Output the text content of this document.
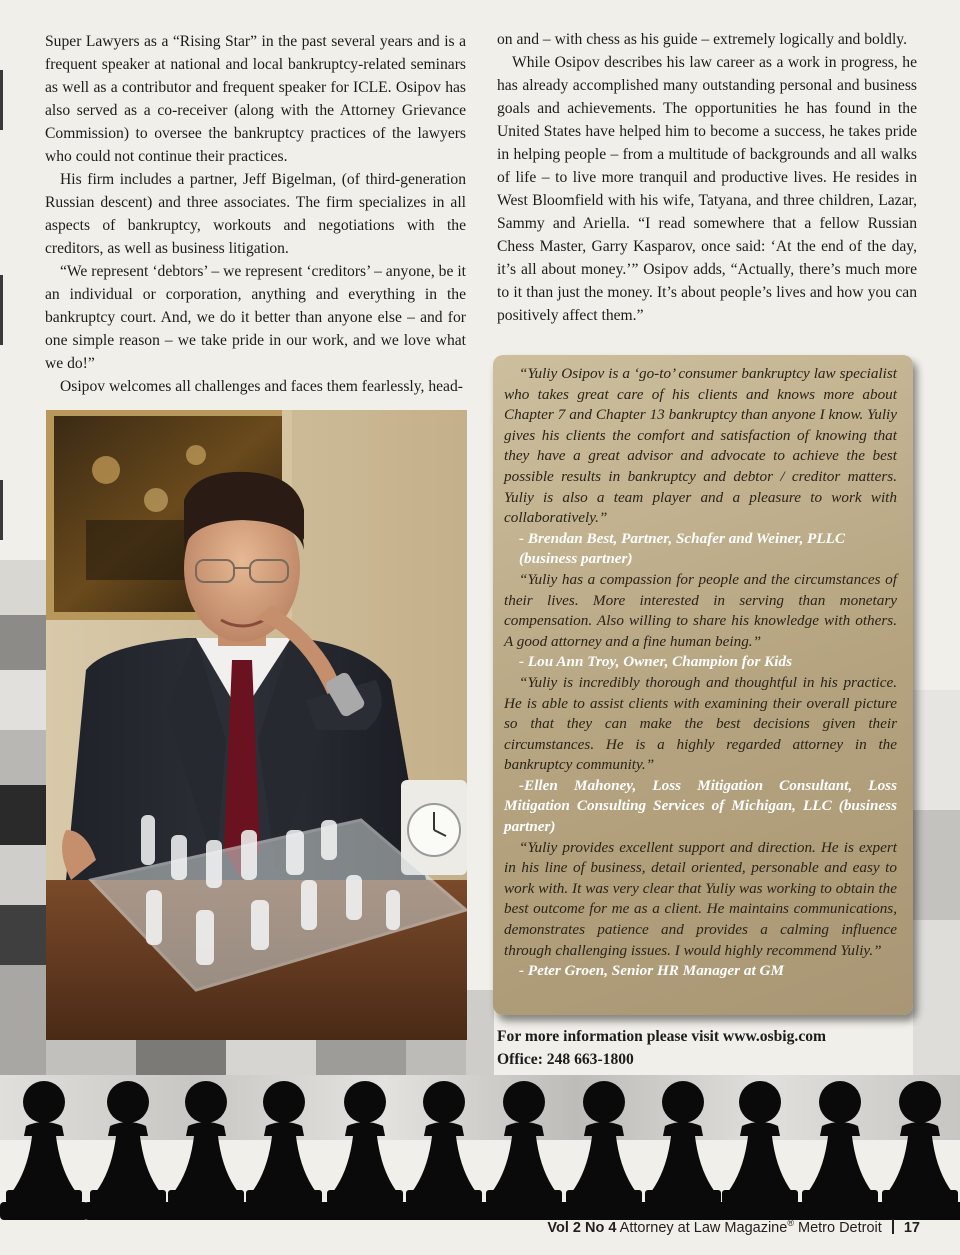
Super Lawyers as a “Rising Star” in the past several years and is a frequent speaker at national and local bankruptcy-related seminars as well as a contributor and frequent speaker for ICLE. Osipov has also served as a co-receiver (along with the Attorney Grievance Commission) to oversee the bankruptcy practices of the lawyers who could not continue their practices.

His firm includes a partner, Jeff Bigelman, (of third-generation Russian descent) and three associates. The firm specializes in all aspects of bankruptcy, workouts and negotiations with the creditors, as well as business litigation.

“We represent ‘debtors’ – we represent ‘creditors’ – anyone, be it an individual or corporation, anything and everything in the bankruptcy court. And, we do it better than anyone else – and for one simple reason – we take pride in our work, and we love what we do!”

Osipov welcomes all challenges and faces them fearlessly, head-

on and – with chess as his guide – extremely logically and boldly.

While Osipov describes his law career as a work in progress, he has already accomplished many outstanding personal and business goals and achievements. The opportunities he has found in the United States have helped him to become a success, he takes pride in helping people – from a multitude of backgrounds and all walks of life – to live more tranquil and productive lives. He resides in West Bloomfield with his wife, Tatyana, and three children, Lazar, Sammy and Ariella. “I read somewhere that a fellow Russian Chess Master, Garry Kasparov, once said: ‘At the end of the day, it’s all about money.’” Osipov adds, “Actually, there’s much more to it than just the money. It’s about people’s lives and how you can positively affect them.”

“Yuliy Osipov is a ‘go-to’ consumer bankruptcy law specialist who takes great care of his clients and knows more about Chapter 7 and Chapter 13 bankruptcy than anyone I know. Yuliy gives his clients the comfort and satisfaction of knowing that they have a great advisor and advocate to achieve the best possible results in bankruptcy and debtor / creditor matters. Yuliy is also a team player and a pleasure to work with collaboratively.”

- Brendan Best, Partner, Schafer and Weiner, PLLC (business partner)

“Yuliy has a compassion for people and the circumstances of their lives. More interested in serving than monetary compensation. Also willing to share his knowledge with others. A good attorney and a fine human being.”

- Lou Ann Troy, Owner, Champion for Kids

“Yuliy is incredibly thorough and thoughtful in his practice. He is able to assist clients with examining their overall picture so that they can make the best decisions given their circumstances. He is a highly regarded attorney in the bankruptcy community.”

-Ellen Mahoney, Loss Mitigation Consultant, Loss Mitigation Consulting Services of Michigan, LLC (business partner)

“Yuliy provides excellent support and direction. He is expert in his line of business, detail oriented, personable and easy to work with. It was very clear that Yuliy was working to obtain the best outcome for me as a client. He maintains communications, demonstrates patience and provides a calming influence through challenging issues. I would highly recommend Yuliy.”

- Peter Groen, Senior HR Manager at GM

For more information please visit www.osbig.com
Office: 248 663-1800
Vol 2 No 4 Attorney at Law Magazine® Metro Detroit 17
